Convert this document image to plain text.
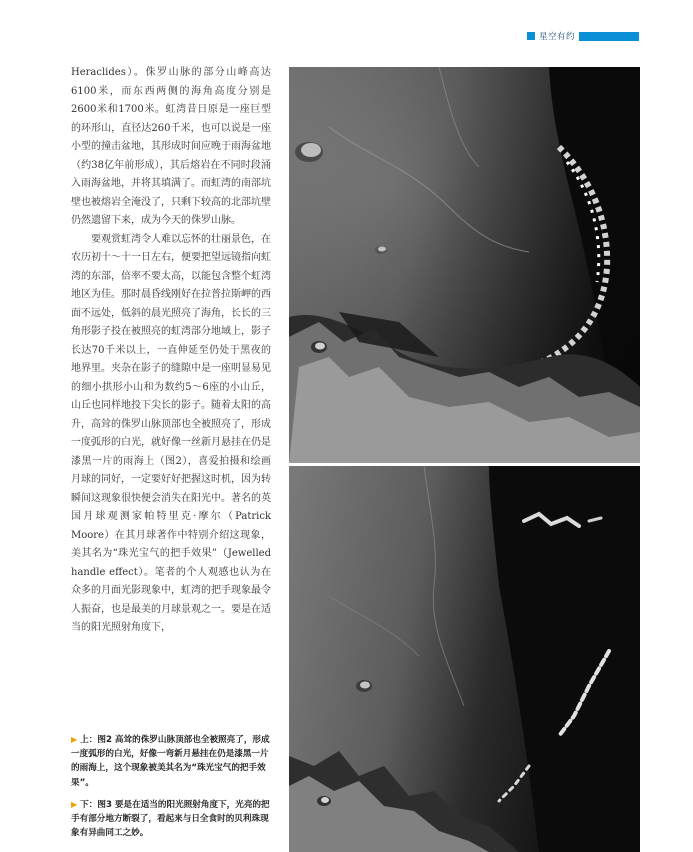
星空有约

Heraclides）。侏罗山脉的部分山峰高达6100米，而东西两侧的海角高度分别是2600米和1700米。虹湾昔日原是一座巨型的环形山，直径达260千米，也可以说是一座小型的撞击盆地，其形成时间应晚于雨海盆地（约38亿年前形成），其后熔岩在不同时段涌入雨海盆地，并将其填满了。而虹湾的南部坑壁也被熔岩全淹没了，只剩下较高的北部坑壁仍然遗留下来，成为今天的侏罗山脉。

要观赏虹湾令人难以忘怀的壮丽景色，在农历初十～十一日左右，便要把望远镜指向虹湾的东部，倍率不要太高，以能包含整个虹湾地区为佳。那时晨昏线刚好在拉普拉斯岬的西面不远处，低斜的晨光照亮了海角，长长的三角形影子投在被照亮的虹湾部分地域上，影子长达70千米以上，一直伸延至仍处于黑夜的地界里。夹杂在影子的缝隙中是一座明显易见的细小拱形小山和为数约5～6座的小山丘，山丘也同样地投下尖长的影子。随着太阳的高升，高耸的侏罗山脉顶部也全被照亮了，形成一度弧形的白光，就好像一丝新月悬挂在仍是漆黑一片的雨海上（图2），喜爱拍摄和绘画月球的同好，一定要好好把握这时机，因为转瞬间这现象很快便会消失在阳光中。著名的英国月球观测家帕特里克·摩尔（Patrick Moore）在其月球著作中特别介绍这现象，美其名为“珠光宝气的把手效果”（Jewelled handle effect）。笔者的个人观感也认为在众多的月面光影现象中，虹湾的把手现象最令人振奋，也是最美的月球景观之一。要是在适当的阳光照射角度下，

▶ 上：图2 高耸的侏罗山脉顶部也全被照亮了，形成一度弧形的白光，好像一弯新月悬挂在仍是漆黑一片的雨海上，这个现象被美其名为“珠光宝气的把手效果”。

▶ 下：图3 要是在适当的阳光照射角度下，光亮的把手有部分地方断裂了，看起来与日全食时的贝利珠现象有异曲同工之妙。
